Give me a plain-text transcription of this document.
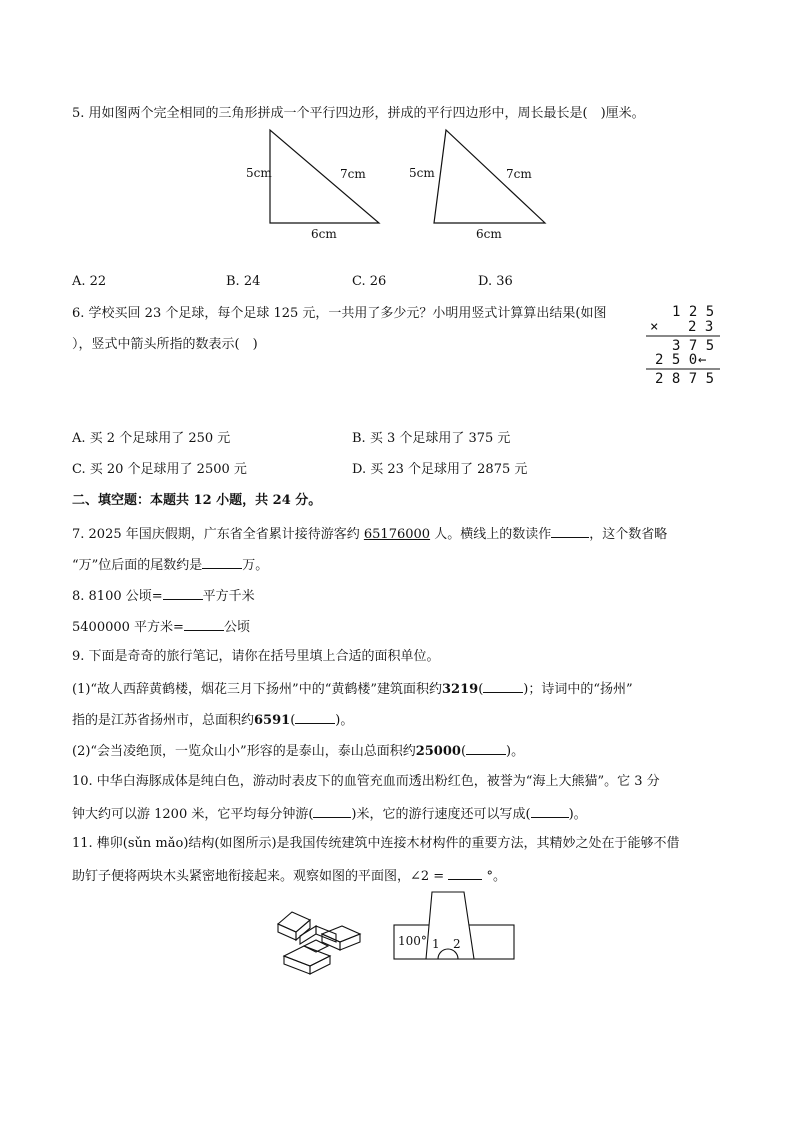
5. 用如图两个完全相同的三角形拼成一个平行四边形，拼成的平行四边形中，周长最长是(　)厘米。
5cm	7cm
6cm
5cm	7cm
6cm
A. 22	B. 24	C. 26	D. 36
6. 学校买回 23 个足球，每个足球 125 元，一共用了多少元？小明用竖式计算算出结果(如图
），竖式中箭头所指的数表示(　)
1 2 5
× 2 3
3 7 5
2 5 0 ←
2 8 7 5
A. 买 2 个足球用了 250 元	B. 买 3 个足球用了 375 元
C. 买 20 个足球用了 2500 元	D. 买 23 个足球用了 2875 元
二、填空题：本题共 12 小题，共 24 分。
7. 2025 年国庆假期，广东省全省累计接待游客约 65176000 人。横线上的数读作	，这个数省略
“万”位后面的尾数约是	万。
8. 8100 公顷=	平方千米
5400000 平方米=	公顷
9. 下面是奇奇的旅行笔记，请你在括号里填上合适的面积单位。
(1)“故人西辞黄鹤楼，烟花三月下扬州”中的“黄鹤楼”建筑面积约3219(	)；诗词中的“扬州”
指的是江苏省扬州市，总面积约6591(	)。
(2)“会当凌绝顶，一览众山小”形容的是泰山，泰山总面积约25000(	)。
10. 中华白海豚成体是纯白色，游动时表皮下的血管充血而透出粉红色，被誉为“海上大熊猫”。它 3 分
钟大约可以游 1200 米，它平均每分钟游(	)米，它的游行速度还可以写成(	)。
11. 榫卯(sǔn mǎo)结构(如图所示)是我国传统建筑中连接木材构件的重要方法，其精妙之处在于能够不借
助钉子便将两块木头紧密地衔接起来。观察如图的平面图，∠2 =	°。
100° 1 2
